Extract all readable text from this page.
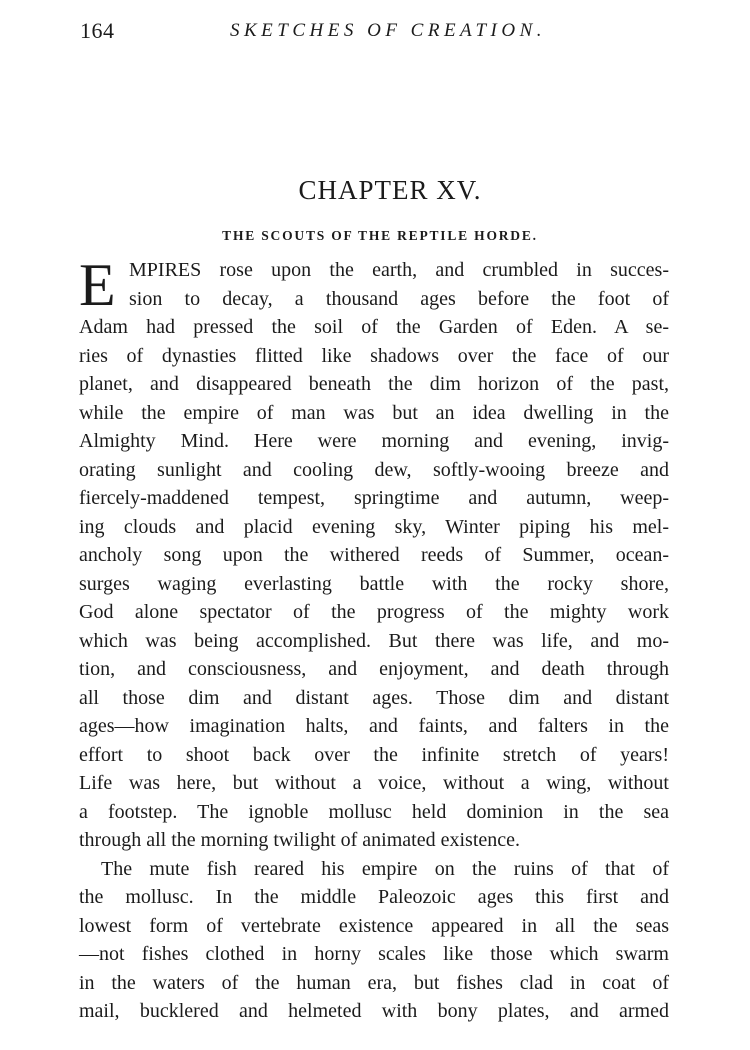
164	SKETCHES OF CREATION.
CHAPTER XV.
THE SCOUTS OF THE REPTILE HORDE.
E MPIRES rose upon the earth, and crumbled in succes-
sion to decay, a thousand ages before the foot of
Adam had pressed the soil of the Garden of Eden. A se-
ries of dynasties flitted like shadows over the face of our
planet, and disappeared beneath the dim horizon of the past,
while the empire of man was but an idea dwelling in the
Almighty Mind. Here were morning and evening, invig-
orating sunlight and cooling dew, softly-wooing breeze and
fiercely-maddened tempest, springtime and autumn, weep-
ing clouds and placid evening sky, Winter piping his mel-
ancholy song upon the withered reeds of Summer, ocean-
surges waging everlasting battle with the rocky shore,
God alone spectator of the progress of the mighty work
which was being accomplished. But there was life, and mo-
tion, and consciousness, and enjoyment, and death through
all those dim and distant ages. Those dim and distant
ages—how imagination halts, and faints, and falters in the
effort to shoot back over the infinite stretch of years!
Life was here, but without a voice, without a wing, without
a footstep. The ignoble mollusc held dominion in the sea
through all the morning twilight of animated existence.
The mute fish reared his empire on the ruins of that of
the mollusc. In the middle Paleozoic ages this first and
lowest form of vertebrate existence appeared in all the seas
—not fishes clothed in horny scales like those which swarm
in the waters of the human era, but fishes clad in coat of
mail, bucklered and helmeted with bony plates, and armed
